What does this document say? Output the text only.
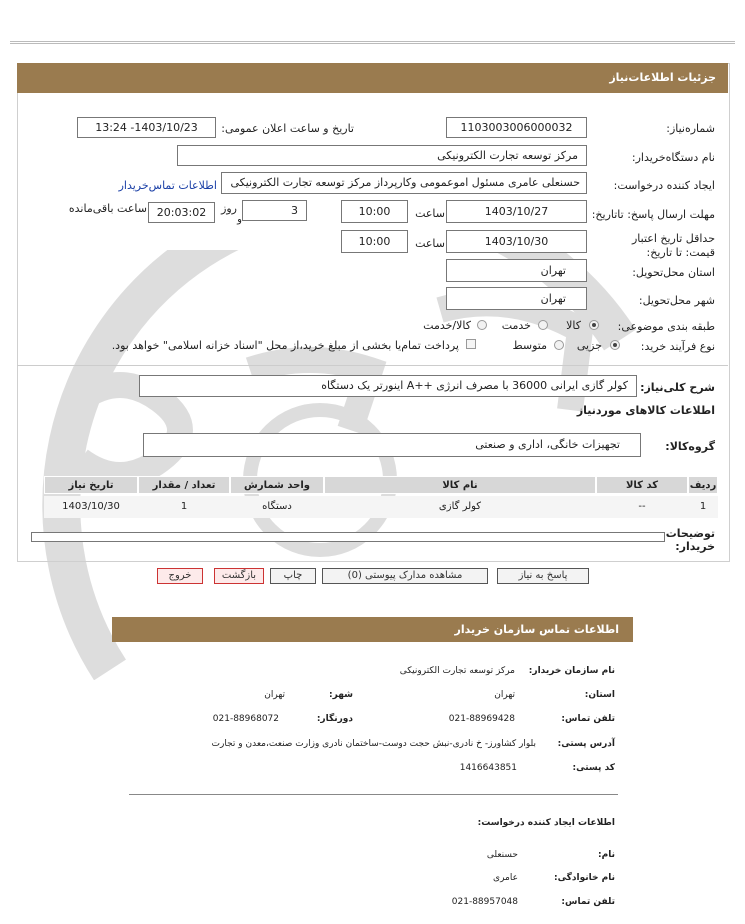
جزئیات اطلاعات‌نیاز
شماره‌نیاز:
1103003006000032
تاریخ و ساعت اعلان عمومی:
1403/10/23- 13:24
نام دستگاه‌خریدار:
مرکز توسعه تجارت الکترونیکی
ایجاد کننده درخواست:
حسنعلی عامری مسئول اموعمومی وکارپرداز مرکز توسعه تجارت الکترونیکی
اطلاعات تماس‌خریدار
مهلت ارسال پاسخ: تاتاریخ:
1403/10/27
ساعت
10:00
3
روز
و
20:03:02
ساعت باقی‌مانده
حداقل تاریخ اعتبار قیمت: تا تاریخ:
1403/10/30
ساعت
10:00
استان محل‌تحویل:
تهران
شهر محل‌تحویل:
تهران
طبقه بندی موضوعی:
کالا
خدمت
کالا/خدمت
نوع فرآیند خرید:
جزیی
متوسط
پرداخت تمام‌یا بخشی از مبلغ خرید،از محل "اسناد خزانه اسلامی" خواهد بود.
شرح کلی‌نیاز:
کولر گازی ایرانی 36000 با مصرف انرژی ++A اینورتر یک دستگاه
اطلاعات کالاهای موردنیاز
گروه‌کالا:
تجهیزات خانگی، اداری و صنعتی
ردیف
کد کالا
نام کالا
واحد شمارش
تعداد / مقدار
تاریخ نیاز
1
--
کولر گازی
دستگاه
1
1403/10/30
توضیحات خریدار:
پاسخ به نیاز
مشاهده مدارک پیوستی (0)
چاپ
بازگشت
خروج
اطلاعات تماس سازمان خریدار
نام سازمان خریدار:
مرکز توسعه تجارت الکترونیکی
استان:
تهران
شهر:
تهران
تلفن تماس:
021-88969428
دورنگار:
021-88968072
آدرس پستی:
بلوار کشاورز- خ نادری-نبش حجت دوست-ساختمان نادری وزارت صنعت،معدن و تجارت
کد پستی:
1416643851
اطلاعات ایجاد کننده درخواست:
نام:
حسنعلی
نام خانوادگی:
عامری
تلفن تماس:
021-88957048
